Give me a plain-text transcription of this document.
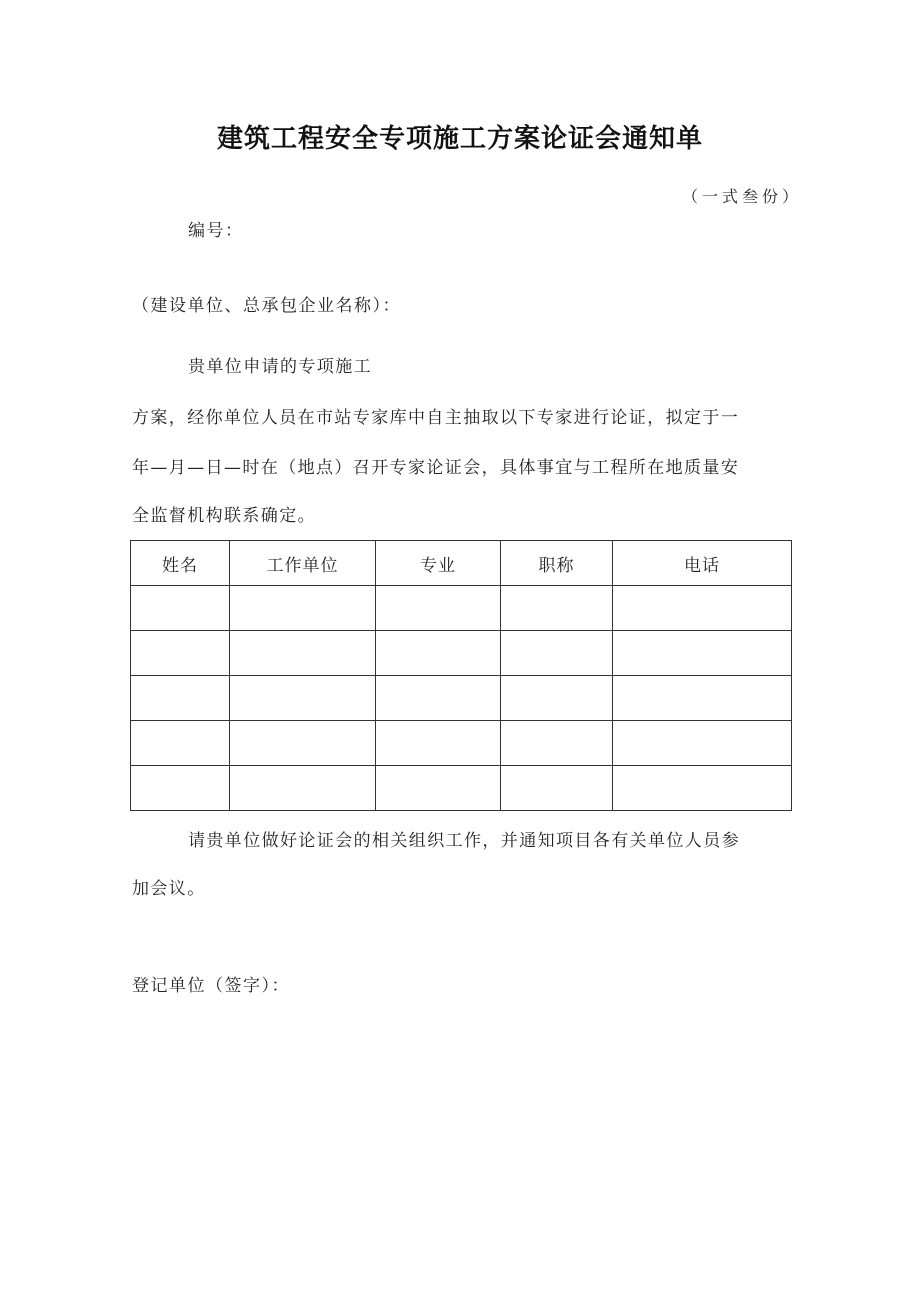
建筑工程安全专项施工方案论证会通知单
（一式叁份）
编号：
（建设单位、总承包企业名称）：
贵单位申请的专项施工
方案，经你单位人员在市站专家库中自主抽取以下专家进行论证，拟定于一
年—月—日—时在（地点）召开专家论证会，具体事宜与工程所在地质量安
全监督机构联系确定。
姓名	工作单位	专业	职称	电话

请贵单位做好论证会的相关组织工作，并通知项目各有关单位人员参
加会议。
登记单位（签字）：
